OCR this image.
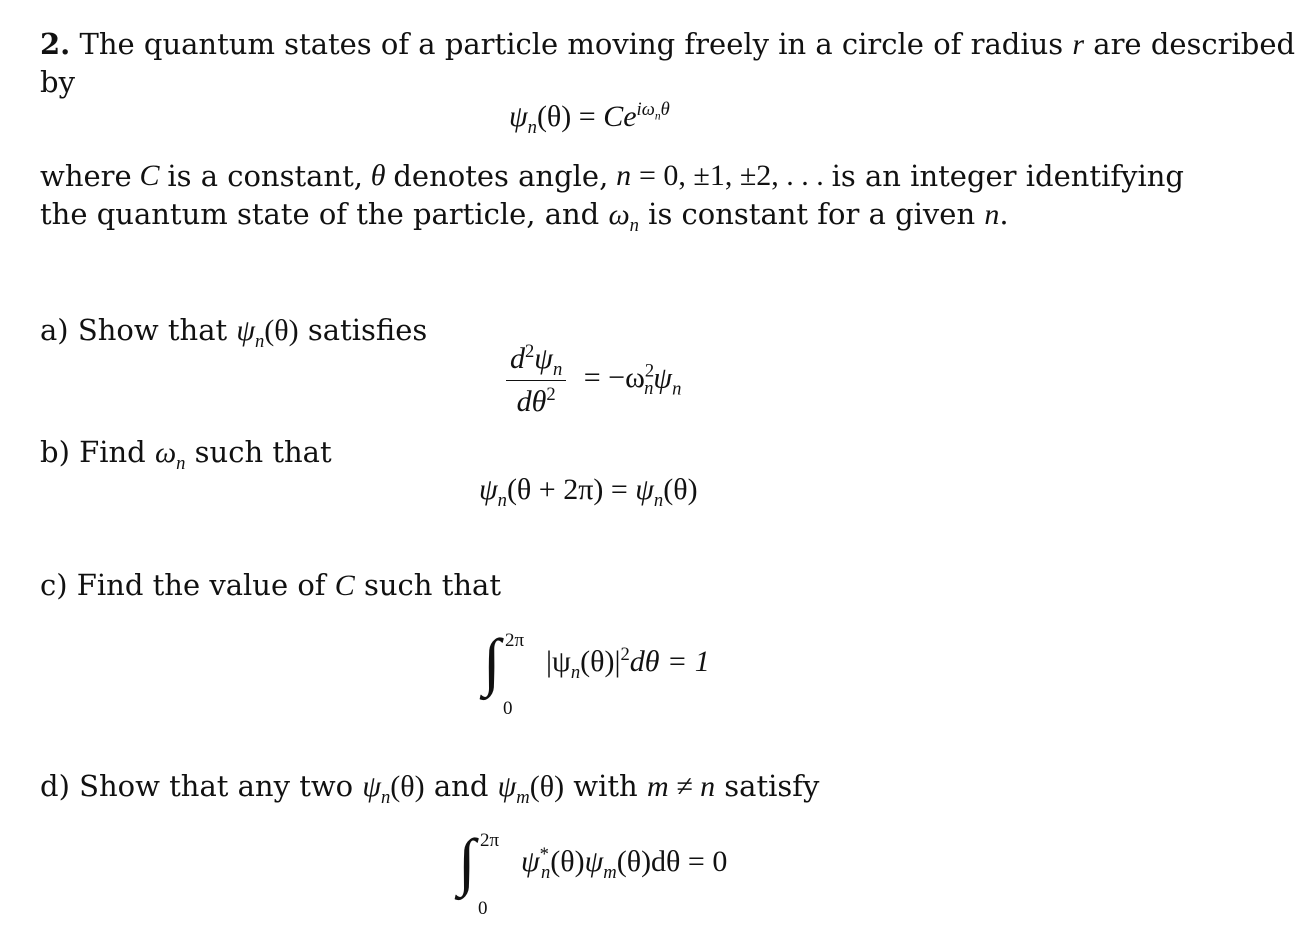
2. The quantum states of a particle moving freely in a circle of radius r are described
by
$\psi_n(\theta) = Ce^{i\omega_n\theta}$
where C is a constant, θ denotes angle, n = 0, ±1, ±2, . . . is an integer identifying
the quantum state of the particle, and $\omega_n$ is constant for a given n.
a) Show that $\psi_n(\theta)$ satisfies
$\frac{d^2\psi_n}{d\theta^2} = -\omega^2_n\psi_n$
b) Find $\omega_n$ such that
$\psi_n(\theta + 2\pi) = \psi_n(\theta)$
c) Find the value of C such that
∫ 2π
0
$|\psi_n(\theta)|^2d\theta = 1$
d) Show that any two $\psi_n(\theta)$ and $\psi_m(\theta)$ with m ≠ n satisfy
∫ 2π
0
$\psi^*_n(\theta)\psi_m(\theta)d\theta = 0$
